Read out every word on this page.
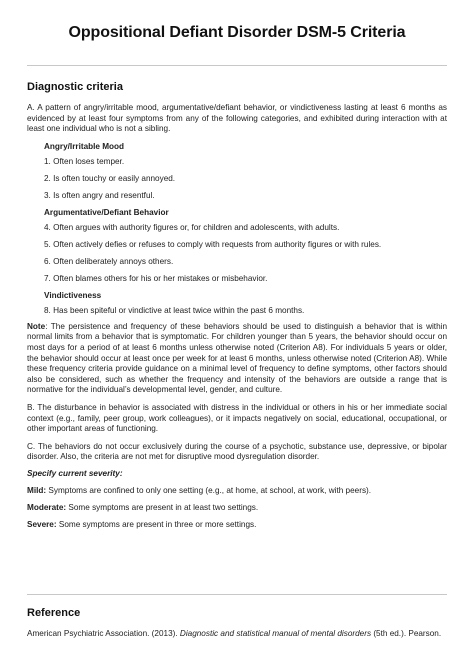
Oppositional Defiant Disorder DSM-5 Criteria
Diagnostic criteria

A. A pattern of angry/irritable mood, argumentative/defiant behavior, or vindictiveness lasting at least 6 months as evidenced by at least four symptoms from any of the following categories, and exhibited during interaction with at least one individual who is not a sibling.

Angry/Irritable Mood
1. Often loses temper.
2. Is often touchy or easily annoyed.
3. Is often angry and resentful.
Argumentative/Defiant Behavior
4. Often argues with authority figures or, for children and adolescents, with adults.
5. Often actively defies or refuses to comply with requests from authority figures or with rules.
6. Often deliberately annoys others.
7. Often blames others for his or her mistakes or misbehavior.
Vindictiveness
8. Has been spiteful or vindictive at least twice within the past 6 months.

Note: The persistence and frequency of these behaviors should be used to distinguish a behavior that is within normal limits from a behavior that is symptomatic. For children younger than 5 years, the behavior should occur on most days for a period of at least 6 months unless otherwise noted (Criterion A8). For individuals 5 years or older, the behavior should occur at least once per week for at least 6 months, unless otherwise noted (Criterion A8). While these frequency criteria provide guidance on a minimal level of frequency to define symptoms, other factors should also be considered, such as whether the frequency and intensity of the behaviors are outside a range that is normative for the individual’s developmental level, gender, and culture.

B. The disturbance in behavior is associated with distress in the individual or others in his or her immediate social context (e.g., family, peer group, work colleagues), or it impacts negatively on social, educational, occupational, or other important areas of functioning.

C. The behaviors do not occur exclusively during the course of a psychotic, substance use, depressive, or bipolar disorder. Also, the criteria are not met for disruptive mood dysregulation disorder.

Specify current severity:
Mild: Symptoms are confined to only one setting (e.g., at home, at school, at work, with peers).
Moderate: Some symptoms are present in at least two settings.
Severe: Some symptoms are present in three or more settings.
Reference

American Psychiatric Association. (2013). Diagnostic and statistical manual of mental disorders (5th ed.). Pearson.
